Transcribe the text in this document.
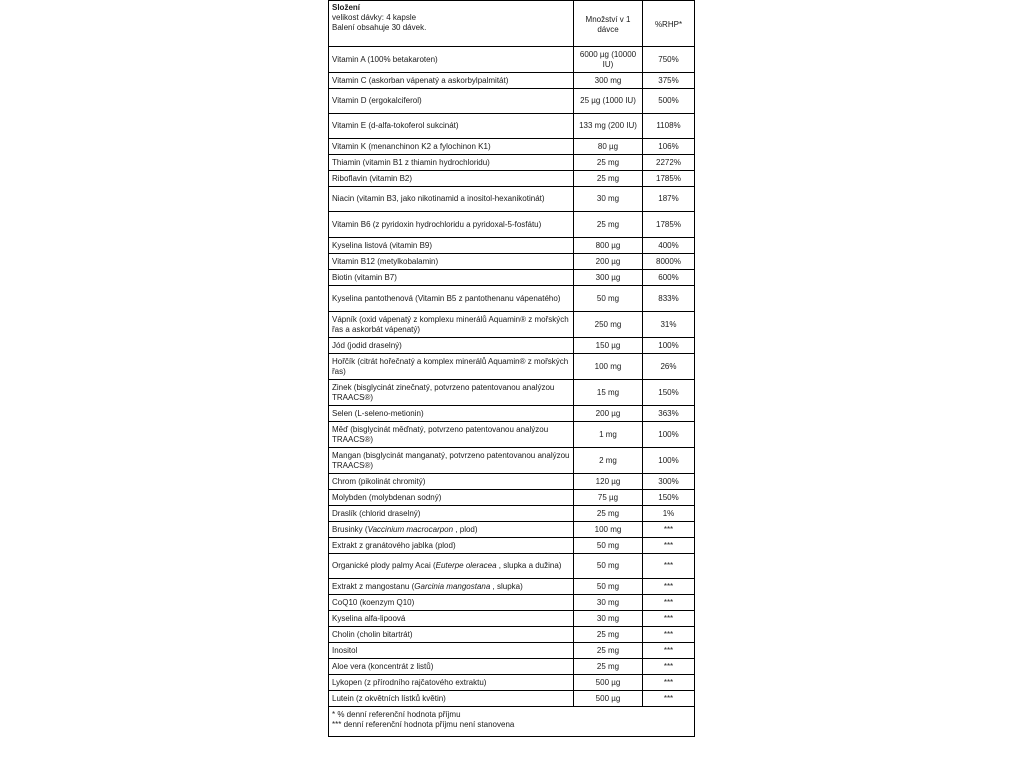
Složení
velikost dávky: 4 kapsle
Balení obsahuje 30 dávek.	Množství v 1 dávce	%RHP*
Vitamin A (100% betakaroten)	6000 µg (10000 IU)	750%
Vitamin C (askorban vápenatý a askorbylpalmitát)	300 mg	375%
Vitamin D (ergokalciferol)	25 µg (1000 IU)	500%
Vitamin E (d-alfa-tokoferol sukcinát)	133 mg (200 IU)	1108%
Vitamin K (menanchinon K2 a fylochinon K1)	80 µg	106%
Thiamin (vitamin B1 z thiamin hydrochloridu)	25 mg	2272%
Riboflavin (vitamin B2)	25 mg	1785%
Niacin (vitamin B3, jako nikotinamid a inositol-hexanikotinát)	30 mg	187%
Vitamin B6 (z pyridoxin hydrochloridu a pyridoxal-5-fosfátu)	25 mg	1785%
Kyselina listová (vitamin B9)	800 µg	400%
Vitamin B12 (metylkobalamin)	200 µg	8000%
Biotin (vitamin B7)	300 µg	600%
Kyselina pantothenová (Vitamin B5 z pantothenanu vápenatého)	50 mg	833%
Vápník (oxid vápenatý z komplexu minerálů Aquamin® z mořských řas a askorbát vápenatý)	250 mg	31%
Jód (jodid draselný)	150 µg	100%
Hořčík (citrát hořečnatý a komplex minerálů Aquamin® z mořských řas)	100 mg	26%
Zinek (bisglycinát zinečnatý, potvrzeno patentovanou analýzou TRAACS®)	15 mg	150%
Selen (L-seleno-metionin)	200 µg	363%
Měď (bisglycinát měďnatý, potvrzeno patentovanou analýzou TRAACS®)	1 mg	100%
Mangan (bisglycinát manganatý, potvrzeno patentovanou analýzou TRAACS®)	2 mg	100%
Chrom (pikolinát chromitý)	120 µg	300%
Molybden (molybdenan sodný)	75 µg	150%
Draslík (chlorid draselný)	25 mg	1%
Brusinky (Vaccinium macrocarpon , plod)	100 mg	***
Extrakt z granátového jablka (plod)	50 mg	***
Organické plody palmy Acai (Euterpe oleracea , slupka a dužina)	50 mg	***
Extrakt z mangostanu (Garcinia mangostana , slupka)	50 mg	***
CoQ10 (koenzym Q10)	30 mg	***
Kyselina alfa-lipoová	30 mg	***
Cholin (cholin bitartrát)	25 mg	***
Inositol	25 mg	***
Aloe vera (koncentrát z listů)	25 mg	***
Lykopen (z přírodního rajčatového extraktu)	500 µg	***
Lutein (z okvětních lístků květin)	500 µg	***

* % denní referenční hodnota příjmu
*** denní referenční hodnota příjmu není stanovena		
